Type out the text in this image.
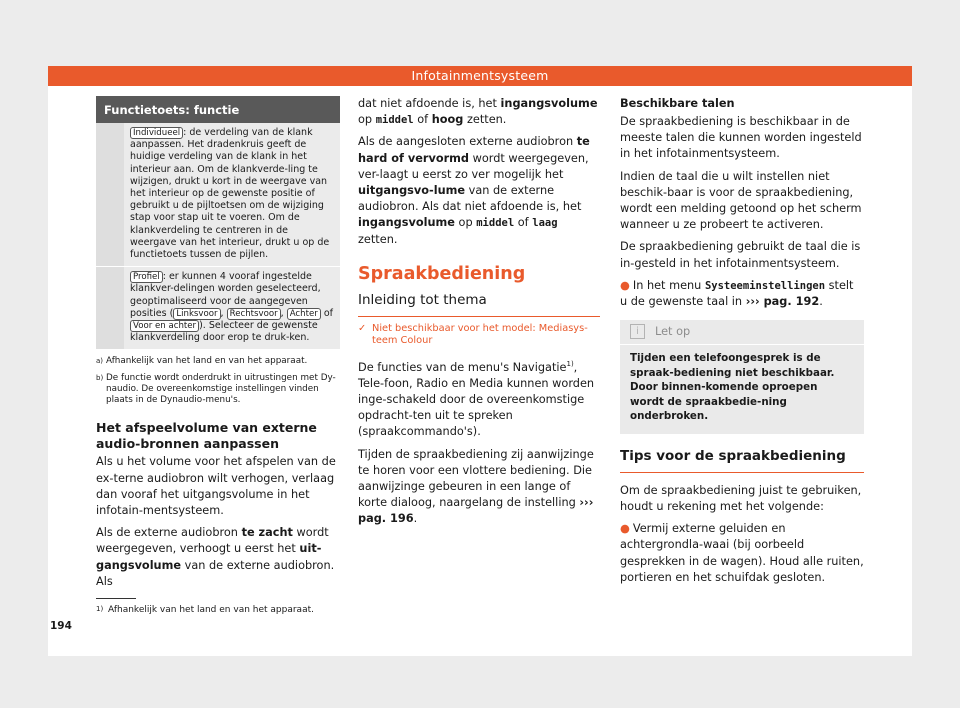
Infotainmentsysteem
Functietoets: functie
Individueel : de verdeling van de klank aanpassen. Het dradenkruis geeft de huidige verdeling van de klank in het interieur aan. Om de klankverde-ling te wijzigen, drukt u kort in de weergave van het interieur op de gewenste positie of gebruikt u de pijltoetsen om de wijziging stap voor stap uit te voeren. Om de klankverdeling te centreren in de weergave van het interieur, drukt u op de functietoets tussen de pijlen.
Profiel : er kunnen 4 vooraf ingestelde klankver-delingen worden geselecteerd, geoptimaliseerd voor de aangegeven posities ( Linksvoor , Rechtsvoor , Achter of Voor en achter ). Selecteer de gewenste klankverdeling door erop te druk-ken.
a) Afhankelijk van het land en van het apparaat.
b) De functie wordt onderdrukt in uitrustingen met Dy-naudio. De overeenkomstige instellingen vinden plaats in de Dynaudio-menu's.
Het afspeelvolume van externe audio-bronnen aanpassen

Als u het volume voor het afspelen van de ex-terne audiobron wilt verhogen, verlaag dan vooraf het uitgangsvolume in het infotain-mentsysteem.

Als de externe audiobron te zacht wordt weergegeven, verhoogt u eerst het uit-gangsvolume van de externe audiobron. Als

dat niet afdoende is, het ingangsvolume op middel of hoog zetten.

Als de aangesloten externe audiobron te hard of vervormd wordt weergegeven, ver-laagt u eerst zo ver mogelijk het uitgangsvo-lume van de externe audiobron. Als dat niet afdoende is, het ingangsvolume op middel of laag zetten.

Spraakbediening
Inleiding tot thema
✓ Niet beschikbaar voor het model: Mediasys-teem Colour

De functies van de menu's Navigatie$^{1)}$, Tele-foon, Radio en Media kunnen worden inge-schakeld door de overeenkomstige opdracht-ten uit te spreken (spraakcommando's).

Tijden de spraakbediening zij aanwijzinge te horen voor een vlottere bediening. Die aanwijzinge gebeuren in een lange of korte dialoog, naargelang de instelling ››› pag. 196.

Beschikbare talen

De spraakbediening is beschikbaar in de meeste talen die kunnen worden ingesteld in het infotainmentsysteem.

Indien de taal die u wilt instellen niet beschik-baar is voor de spraakbediening, wordt een melding getoond op het scherm wanneer u ze probeert te activeren.

De spraakbediening gebruikt de taal die is in-gesteld in het infotainmentsysteem.

● In het menu Systeeminstellingen stelt u de gewenste taal in ››› pag. 192.

i	Let op
Tijden een telefoongesprek is de spraak-bediening niet beschikbaar. Door binnen-komende oproepen wordt de spraakbedie-ning onderbroken.
Tips voor de spraakbediening

Om de spraakbediening juist te gebruiken, houdt u rekening met het volgende:

● Vermij externe geluiden en achtergrondla-waai (bij oorbeeld gesprekken in de wagen). Houd alle ruiten, portieren en het schuifdak gesloten.

1) Afhankelijk van het land en van het apparaat.
194
